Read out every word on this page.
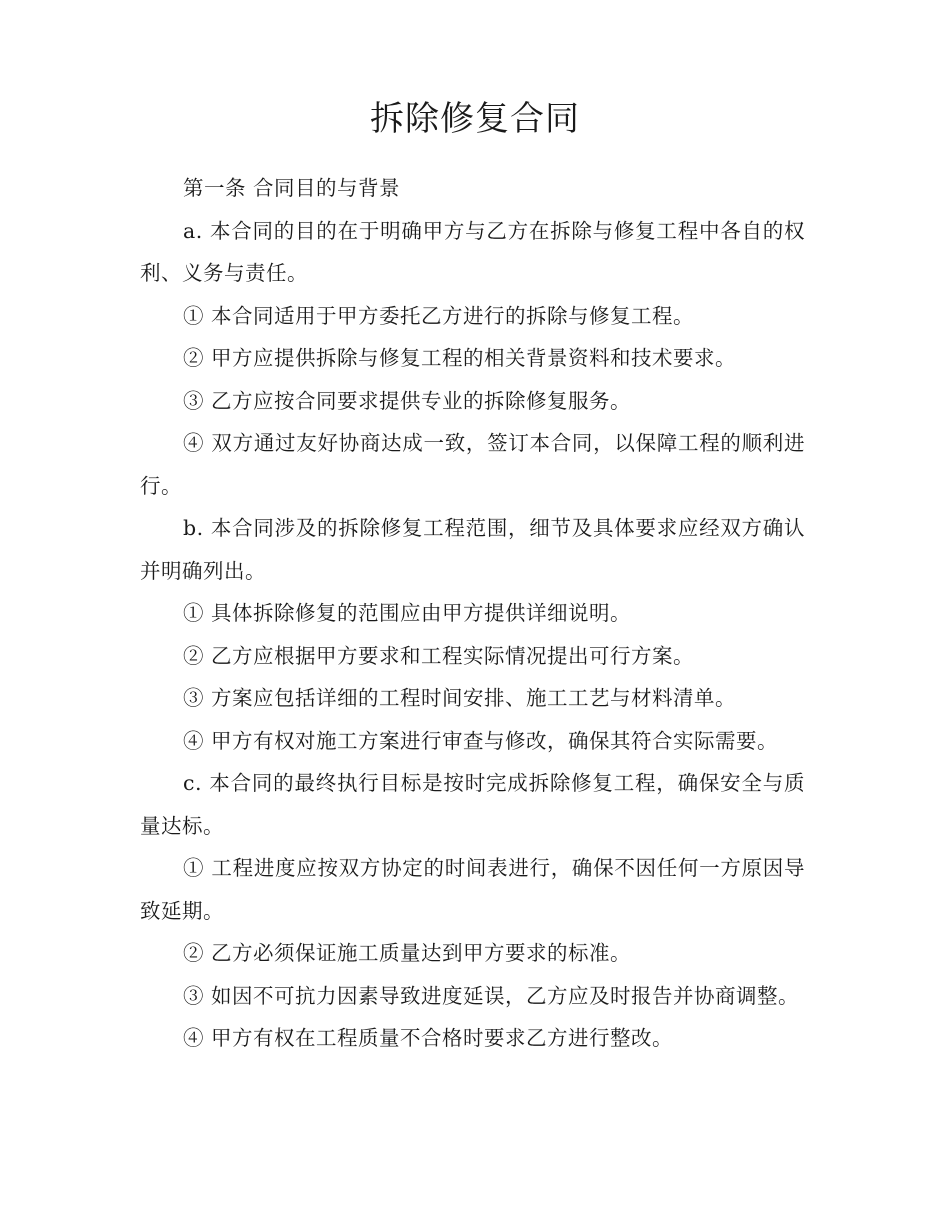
拆除修复合同

第一条 合同目的与背景

a. 本合同的目的在于明确甲方与乙方在拆除与修复工程中各自的权利、义务与责任。

① 本合同适用于甲方委托乙方进行的拆除与修复工程。

② 甲方应提供拆除与修复工程的相关背景资料和技术要求。

③ 乙方应按合同要求提供专业的拆除修复服务。

④ 双方通过友好协商达成一致，签订本合同，以保障工程的顺利进行。

b. 本合同涉及的拆除修复工程范围，细节及具体要求应经双方确认并明确列出。

① 具体拆除修复的范围应由甲方提供详细说明。

② 乙方应根据甲方要求和工程实际情况提出可行方案。

③ 方案应包括详细的工程时间安排、施工工艺与材料清单。

④ 甲方有权对施工方案进行审查与修改，确保其符合实际需要。

c. 本合同的最终执行目标是按时完成拆除修复工程，确保安全与质量达标。

① 工程进度应按双方协定的时间表进行，确保不因任何一方原因导致延期。

② 乙方必须保证施工质量达到甲方要求的标准。

③ 如因不可抗力因素导致进度延误，乙方应及时报告并协商调整。

④ 甲方有权在工程质量不合格时要求乙方进行整改。
